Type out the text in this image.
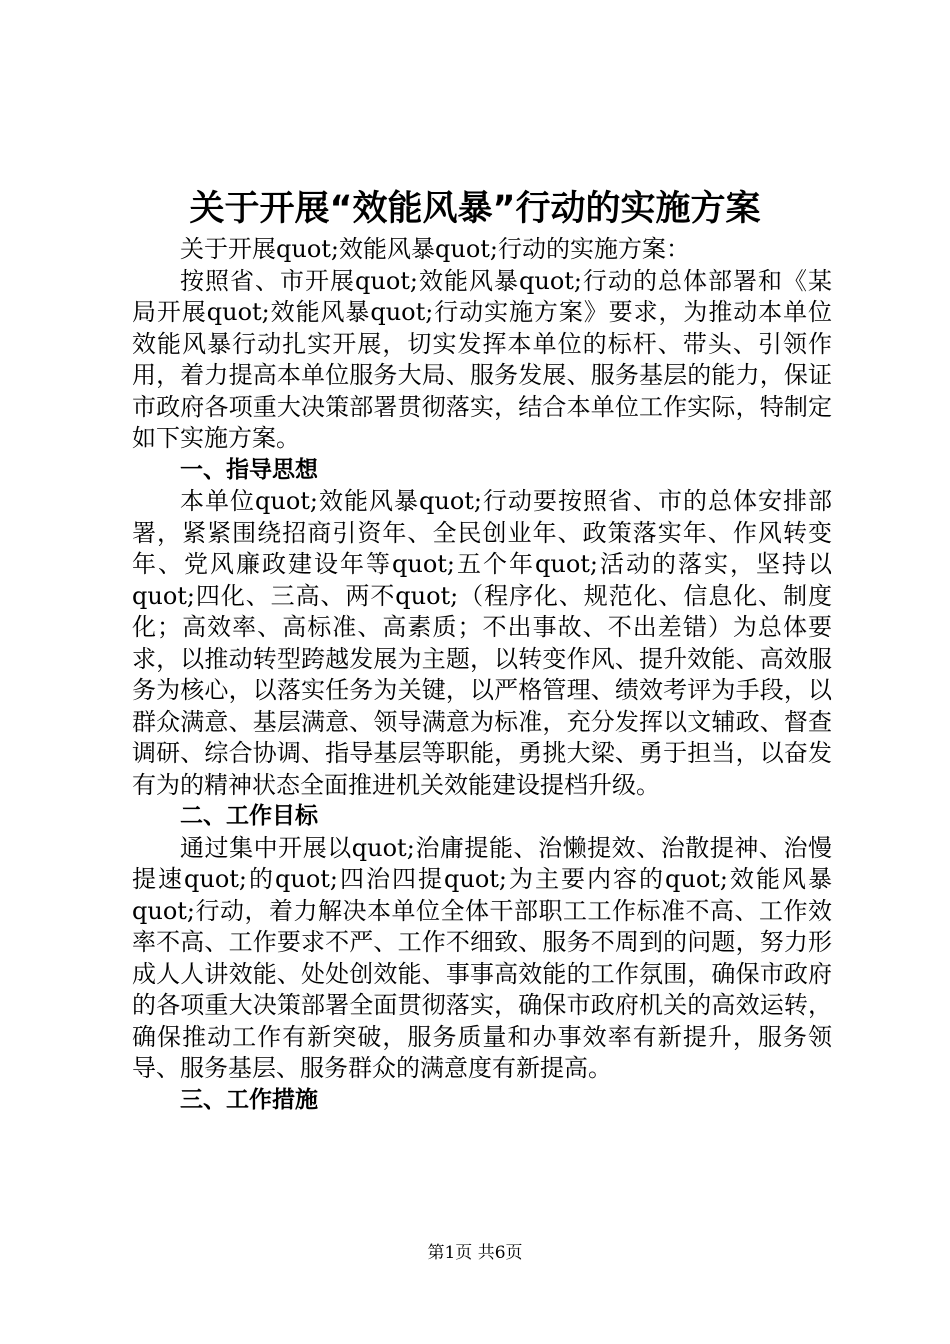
关于开展“效能风暴”行动的实施方案

关于开展quot;效能风暴quot;行动的实施方案：

按照省、市开展quot;效能风暴quot;行动的总体部署和《某局开展quot;效能风暴quot;行动实施方案》要求，为推动本单位效能风暴行动扎实开展，切实发挥本单位的标杆、带头、引领作用，着力提高本单位服务大局、服务发展、服务基层的能力，保证市政府各项重大决策部署贯彻落实，结合本单位工作实际，特制定如下实施方案。

一、指导思想

本单位quot;效能风暴quot;行动要按照省、市的总体安排部署，紧紧围绕招商引资年、全民创业年、政策落实年、作风转变年、党风廉政建设年等quot;五个年quot;活动的落实，坚持以quot;四化、三高、两不quot;（程序化、规范化、信息化、制度化；高效率、高标准、高素质；不出事故、不出差错）为总体要求，以推动转型跨越发展为主题，以转变作风、提升效能、高效服务为核心，以落实任务为关键，以严格管理、绩效考评为手段，以群众满意、基层满意、领导满意为标准，充分发挥以文辅政、督查调研、综合协调、指导基层等职能，勇挑大梁、勇于担当，以奋发有为的精神状态全面推进机关效能建设提档升级。

二、工作目标

通过集中开展以quot;治庸提能、治懒提效、治散提神、治慢提速quot;的quot;四治四提quot;为主要内容的quot;效能风暴quot;行动，着力解决本单位全体干部职工工作标准不高、工作效率不高、工作要求不严、工作不细致、服务不周到的问题，努力形成人人讲效能、处处创效能、事事高效能的工作氛围，确保市政府的各项重大决策部署全面贯彻落实，确保市政府机关的高效运转，确保推动工作有新突破，服务质量和办事效率有新提升，服务领导、服务基层、服务群众的满意度有新提高。

三、工作措施
第1页 共6页
